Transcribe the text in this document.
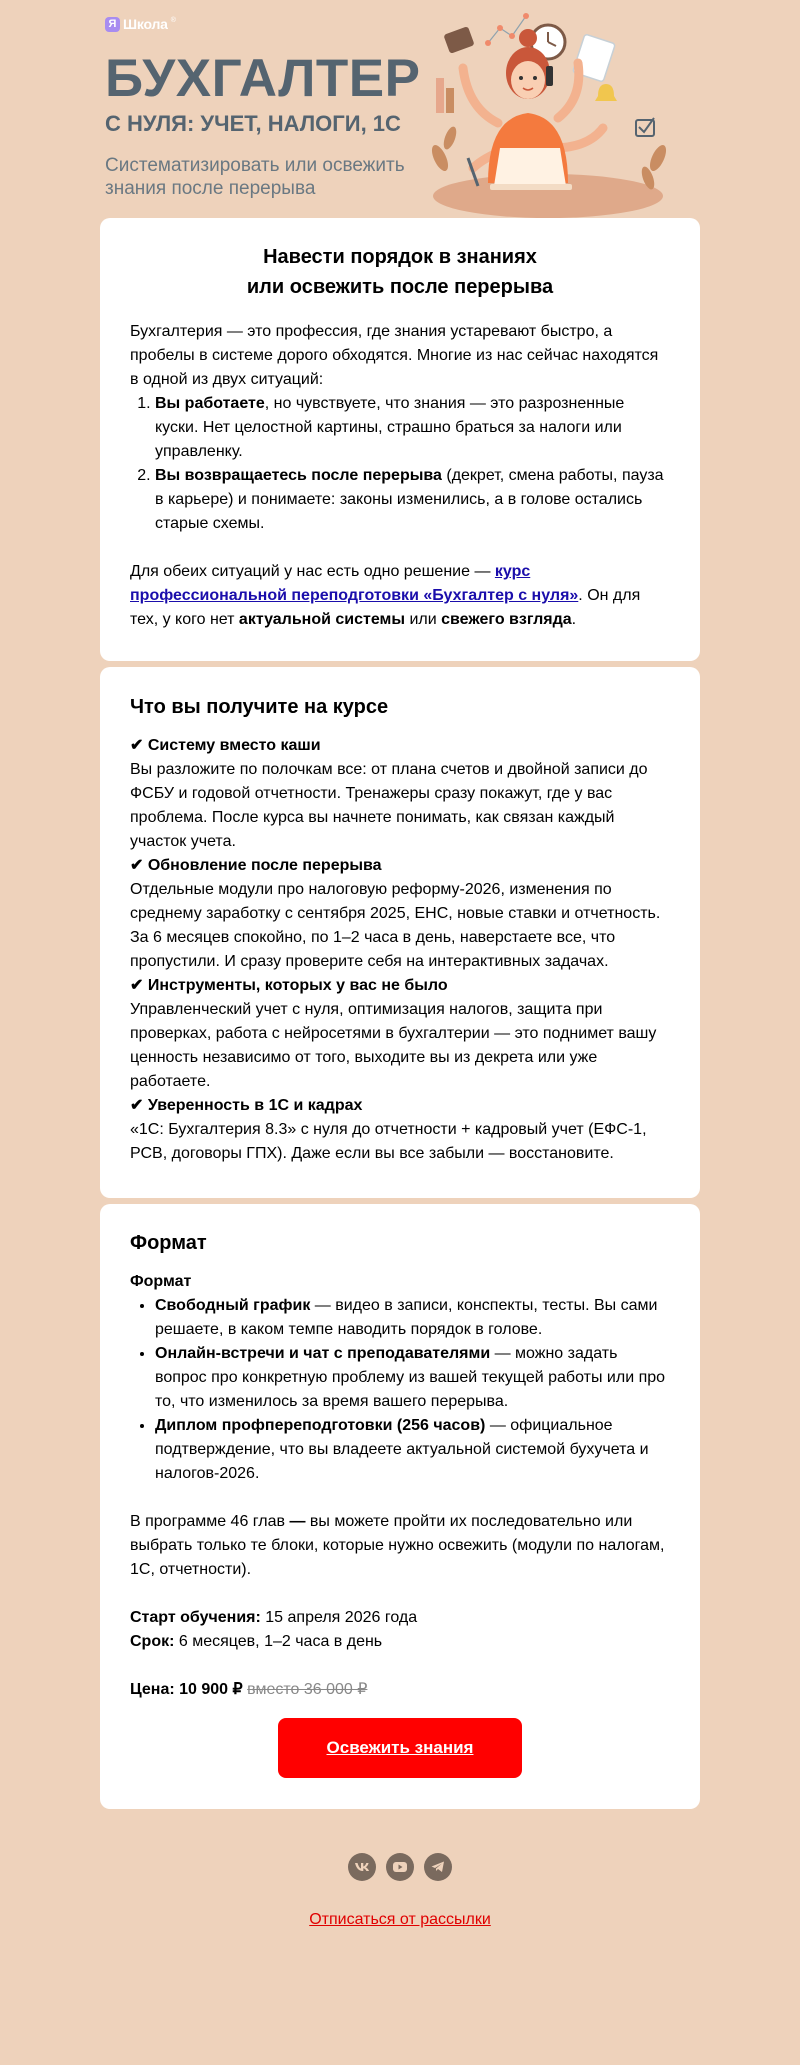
Я Школа ®
БУХГАЛТЕР
С НУЛЯ: УЧЕТ, НАЛОГИ, 1С
Систематизировать или освежить знания после перерыва
Навести порядок в знаниях
или освежить после перерыва

Бухгалтерия — это профессия, где знания устаревают быстро, а пробелы в системе дорого обходятся. Многие из нас сейчас находятся в одной из двух ситуаций:

1. Вы работаете, но чувствуете, что знания — это разрозненные куски. Нет целостной картины, страшно браться за налоги или управленку.
2. Вы возвращаетесь после перерыва (декрет, смена работы, пауза в карьере) и понимаете: законы изменились, а в голове остались старые схемы.

Для обеих ситуаций у нас есть одно решение — курс профессиональной переподготовки «Бухгалтер с нуля». Он для тех, у кого нет актуальной системы или свежего взгляда.

Что вы получите на курсе
✔ Систему вместо каши
Вы разложите по полочкам все: от плана счетов и двойной записи до ФСБУ и годовой отчетности. Тренажеры сразу покажут, где у вас проблема. После курса вы начнете понимать, как связан каждый участок учета.
✔ Обновление после перерыва
Отдельные модули про налоговую реформу-2026, изменения по среднему заработку с сентября 2025, ЕНС, новые ставки и отчетность. За 6 месяцев спокойно, по 1–2 часа в день, наверстаете все, что пропустили. И сразу проверите себя на интерактивных задачах.
✔ Инструменты, которых у вас не было
Управленческий учет с нуля, оптимизация налогов, защита при проверках, работа с нейросетями в бухгалтерии — это поднимет вашу ценность независимо от того, выходите вы из декрета или уже работаете.
✔ Уверенность в 1С и кадрах
«1С: Бухгалтерия 8.3» с нуля до отчетности + кадровый учет (ЕФС-1, РСВ, договоры ГПХ). Даже если вы все забыли — восстановите.
Формат

Формат

• Свободный график — видео в записи, конспекты, тесты. Вы сами решаете, в каком темпе наводить порядок в голове.
• Онлайн-встречи и чат с преподавателями — можно задать вопрос про конкретную проблему из вашей текущей работы или про то, что изменилось за время вашего перерыва.
• Диплом профпереподготовки (256 часов) — официальное подтверждение, что вы владеете актуальной системой бухучета и налогов-2026.

В программе 46 глав — вы можете пройти их последовательно или выбрать только те блоки, которые нужно освежить (модули по налогам, 1С, отчетности).

Старт обучения: 15 апреля 2026 года

Срок: 6 месяцев, 1–2 часа в день

Цена: 10 900 ₽ вместо 36 000 ₽

Освежить знания
Отписаться от рассылки
